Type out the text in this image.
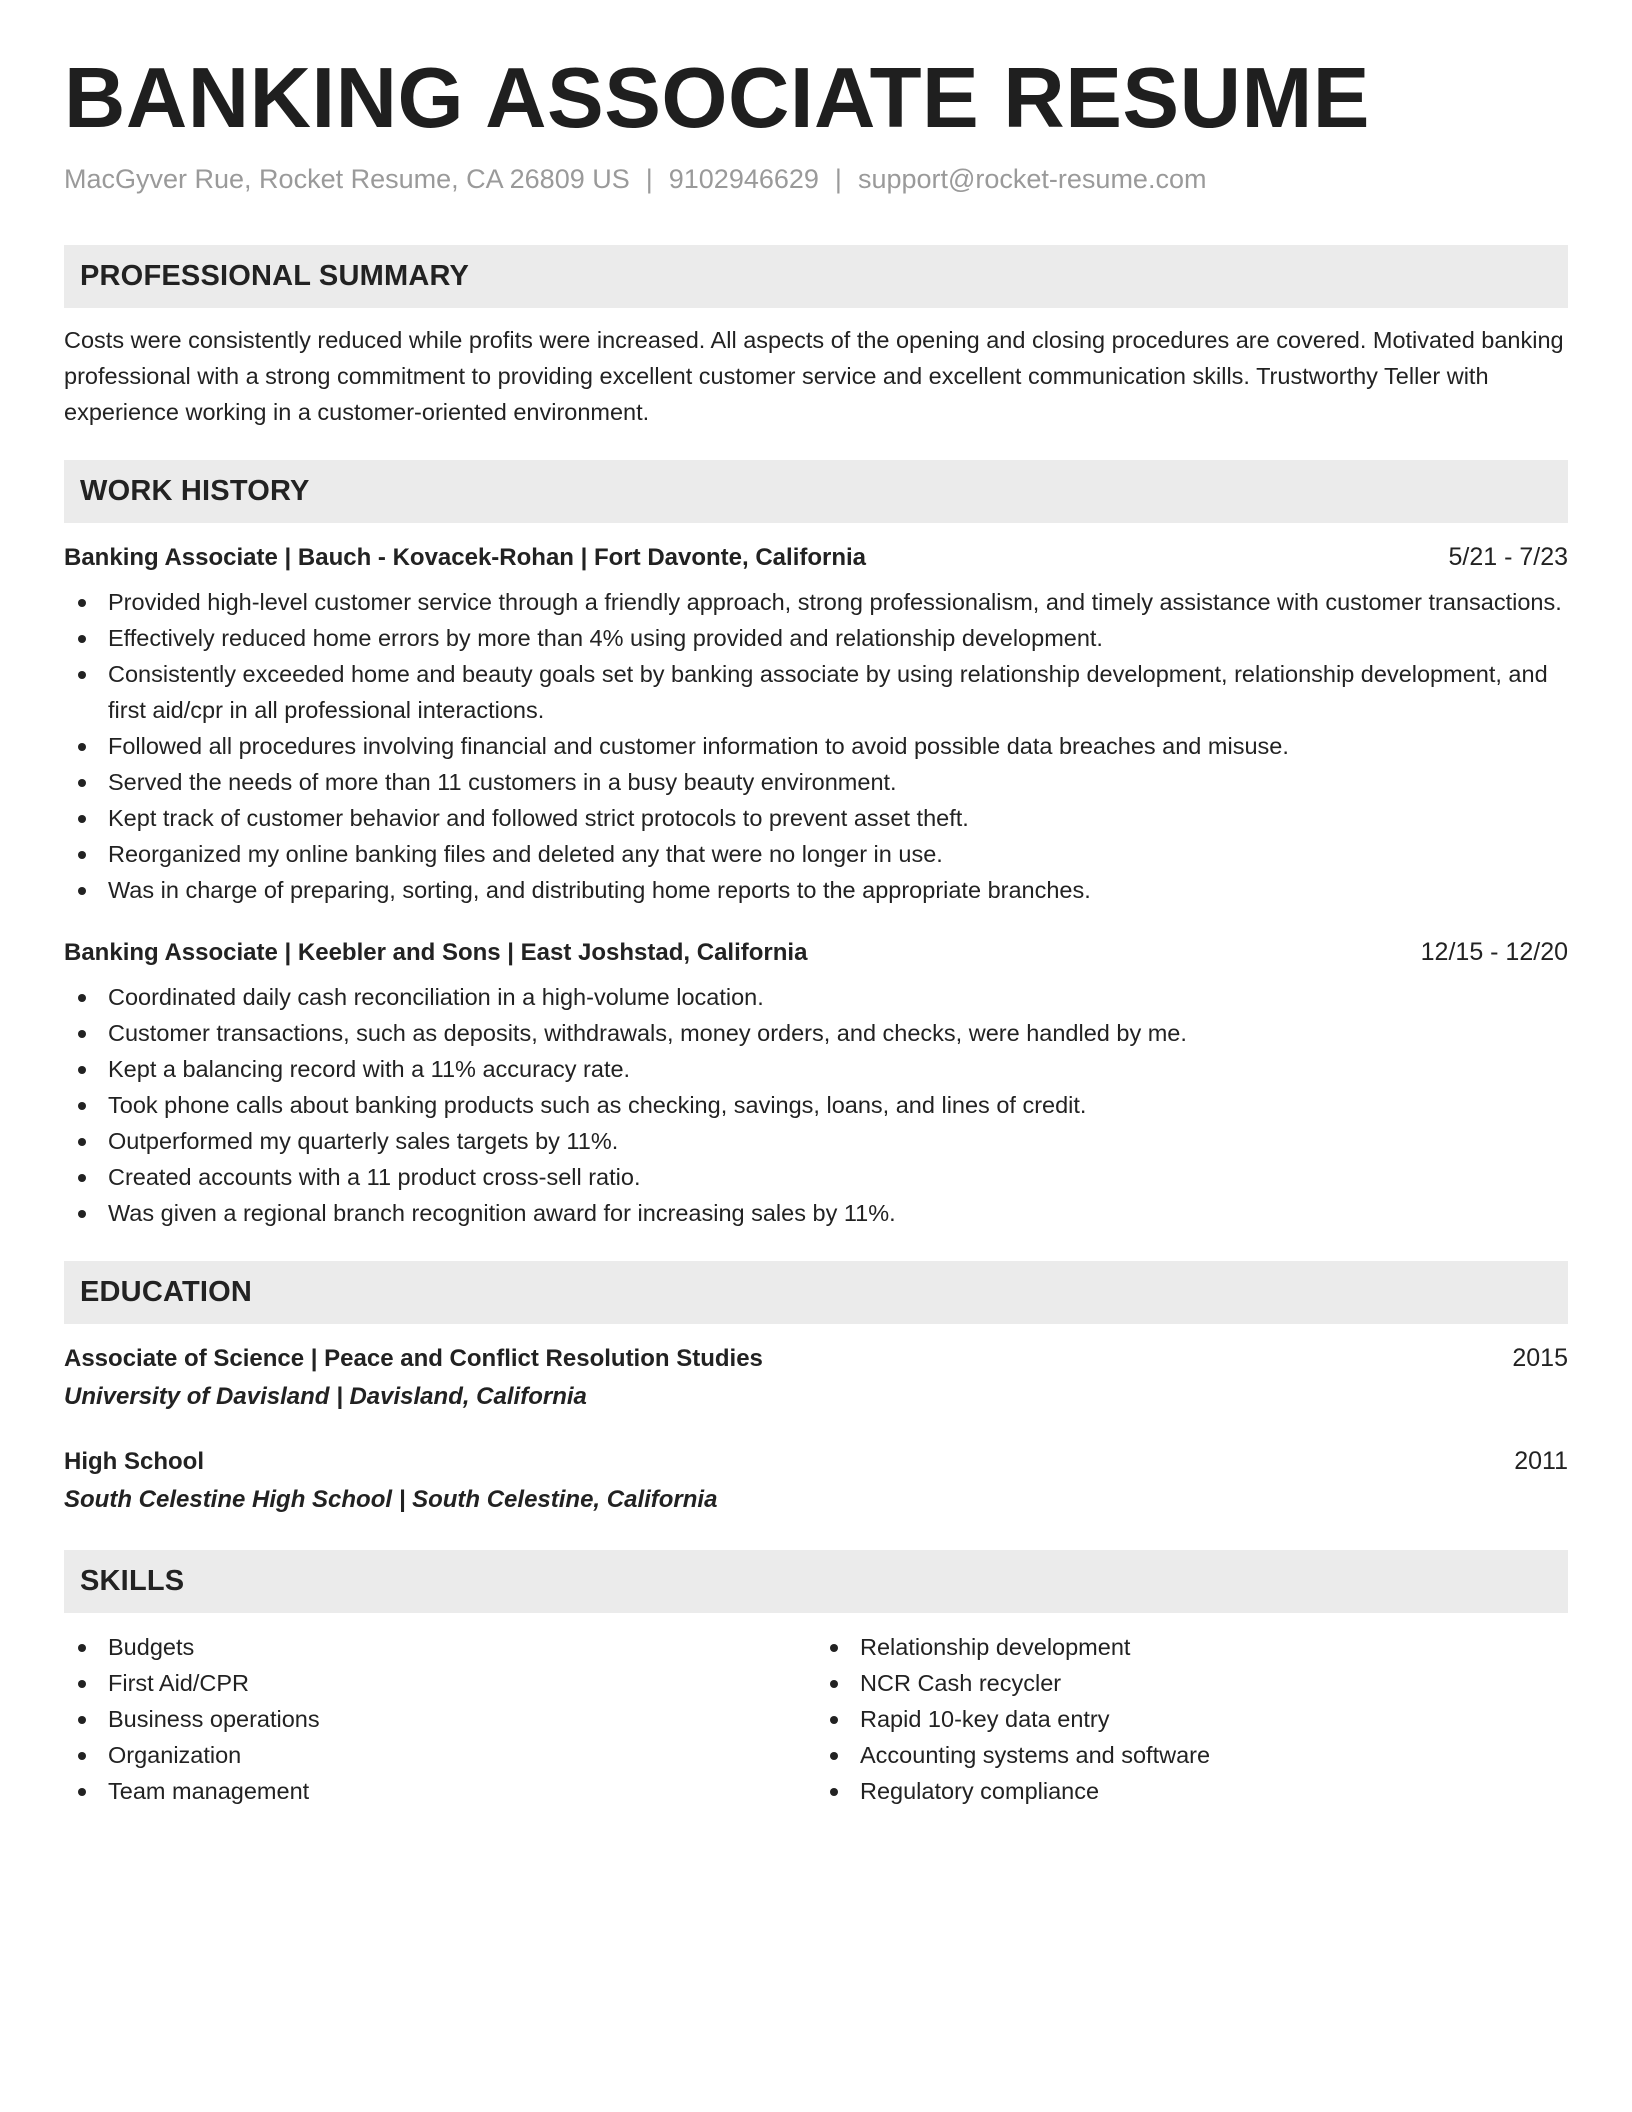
BANKING ASSOCIATE RESUME
MacGyver Rue, Rocket Resume, CA 26809 US | 9102946629 | support@rocket-resume.com
PROFESSIONAL SUMMARY
Costs were consistently reduced while profits were increased. All aspects of the opening and closing procedures are covered. Motivated banking professional with a strong commitment to providing excellent customer service and excellent communication skills. Trustworthy Teller with experience working in a customer-oriented environment.
WORK HISTORY
Banking Associate | Bauch - Kovacek-Rohan | Fort Davonte, California	5/21 - 7/23
Provided high-level customer service through a friendly approach, strong professionalism, and timely assistance with customer transactions.
Effectively reduced home errors by more than 4% using provided and relationship development.
Consistently exceeded home and beauty goals set by banking associate by using relationship development, relationship development, and first aid/cpr in all professional interactions.
Followed all procedures involving financial and customer information to avoid possible data breaches and misuse.
Served the needs of more than 11 customers in a busy beauty environment.
Kept track of customer behavior and followed strict protocols to prevent asset theft.
Reorganized my online banking files and deleted any that were no longer in use.
Was in charge of preparing, sorting, and distributing home reports to the appropriate branches.
Banking Associate | Keebler and Sons | East Joshstad, California	12/15 - 12/20
Coordinated daily cash reconciliation in a high-volume location.
Customer transactions, such as deposits, withdrawals, money orders, and checks, were handled by me.
Kept a balancing record with a 11% accuracy rate.
Took phone calls about banking products such as checking, savings, loans, and lines of credit.
Outperformed my quarterly sales targets by 11%.
Created accounts with a 11 product cross-sell ratio.
Was given a regional branch recognition award for increasing sales by 11%.
EDUCATION
Associate of Science | Peace and Conflict Resolution Studies	2015
University of Davisland | Davisland, California
High School	2011
South Celestine High School | South Celestine, California
SKILLS
Budgets
First Aid/CPR
Business operations
Organization
Team management
Relationship development
NCR Cash recycler
Rapid 10-key data entry
Accounting systems and software
Regulatory compliance
